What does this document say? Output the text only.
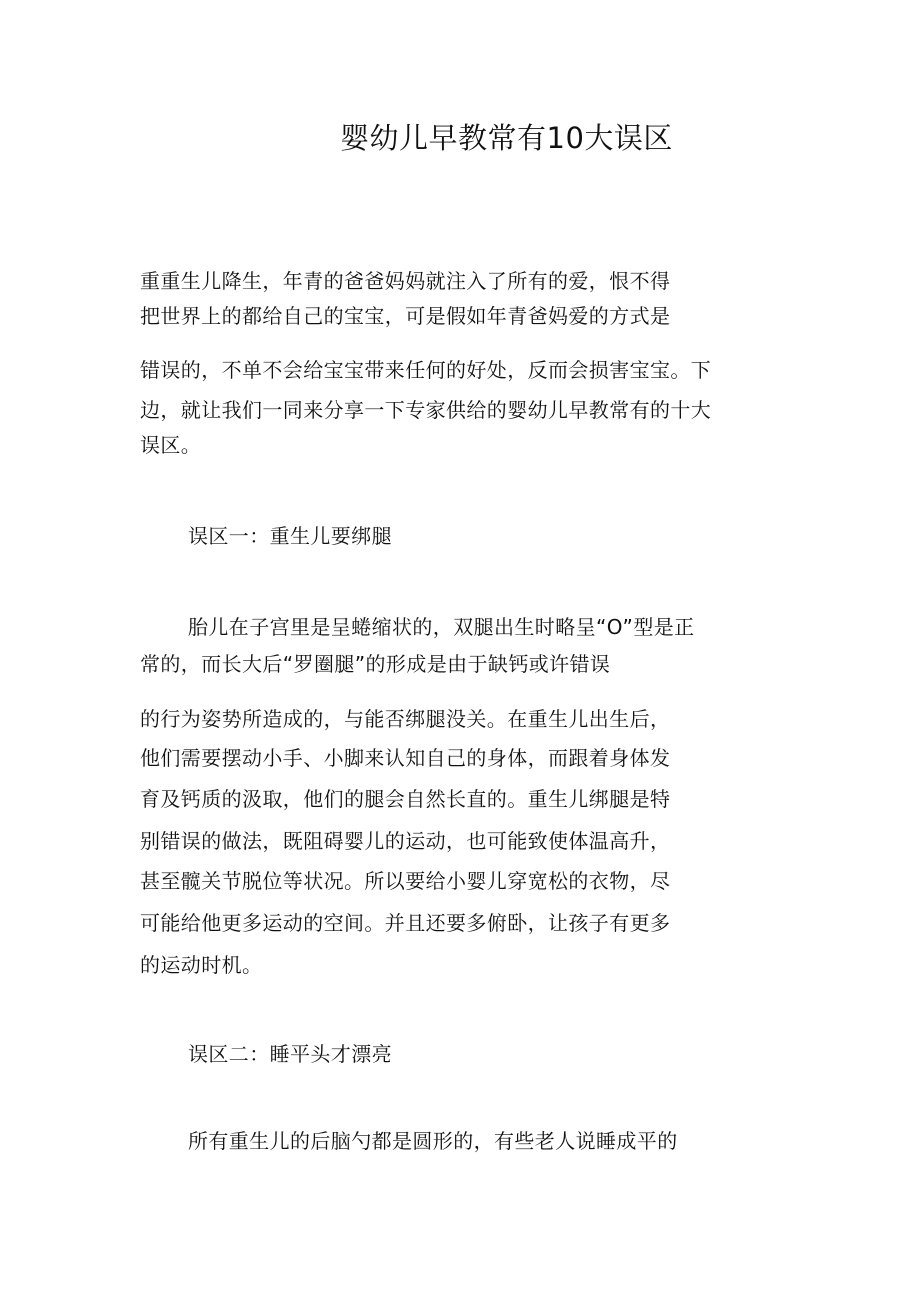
婴幼儿早教常有10大误区
重重生儿降生，年青的爸爸妈妈就注入了所有的爱，恨不得
把世界上的都给自己的宝宝，可是假如年青爸妈爱的方式是
错误的，不单不会给宝宝带来任何的好处，反而会损害宝宝。下
边，就让我们一同来分享一下专家供给的婴幼儿早教常有的十大
误区。
误区一：重生儿要绑腿
胎儿在子宫里是呈蜷缩状的，双腿出生时略呈“O”型是正
常的，而长大后“罗圈腿”的形成是由于缺钙或许错误
的行为姿势所造成的，与能否绑腿没关。在重生儿出生后，
他们需要摆动小手、小脚来认知自己的身体，而跟着身体发
育及钙质的汲取，他们的腿会自然长直的。重生儿绑腿是特
别错误的做法，既阻碍婴儿的运动，也可能致使体温高升，
甚至髋关节脱位等状况。所以要给小婴儿穿宽松的衣物，尽
可能给他更多运动的空间。并且还要多俯卧，让孩子有更多
的运动时机。
误区二：睡平头才漂亮
所有重生儿的后脑勺都是圆形的，有些老人说睡成平的
